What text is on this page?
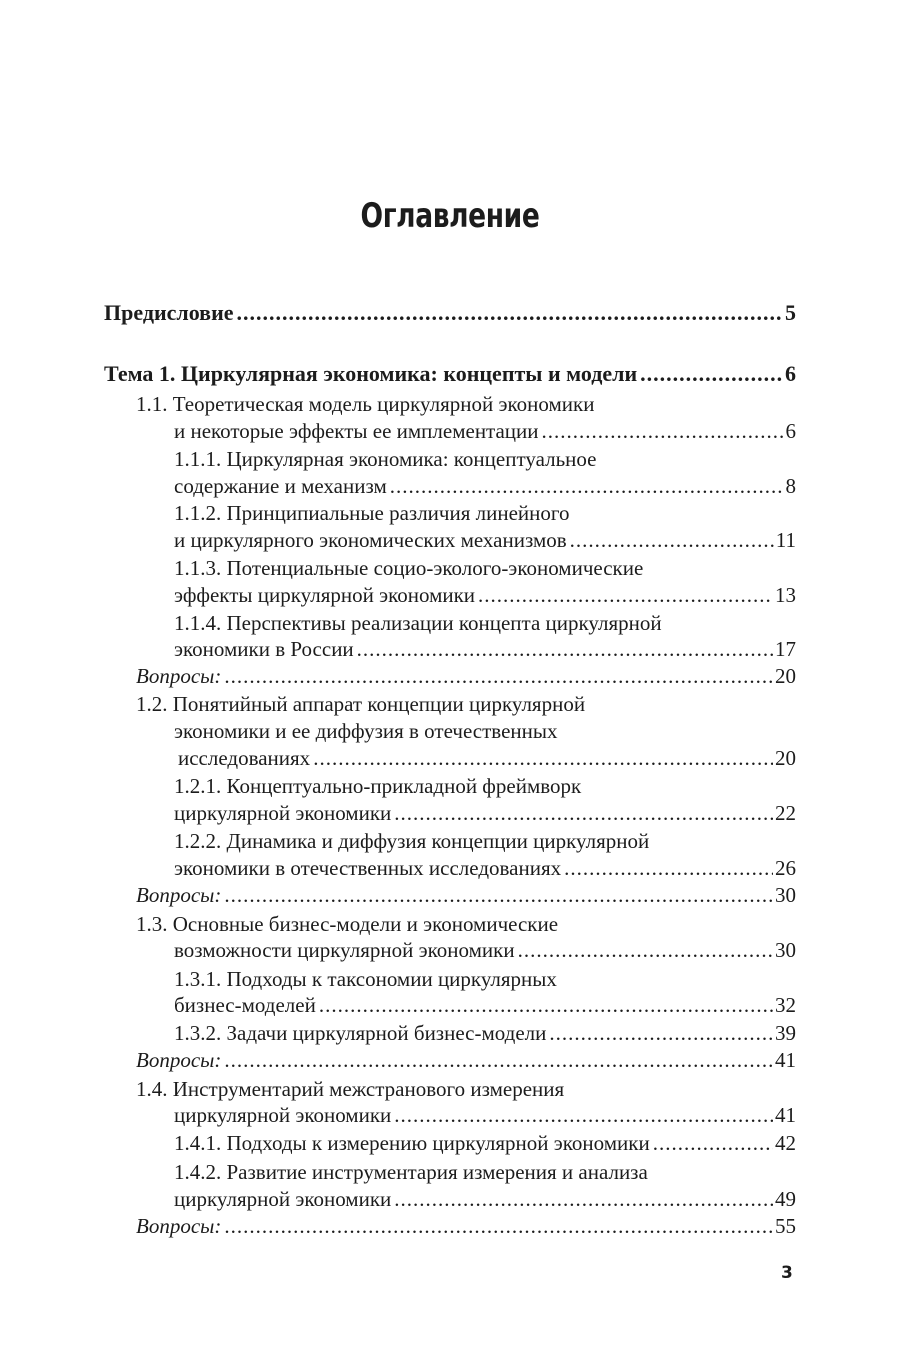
Оглавление
Предисловие .....	5
Тема 1. Циркулярная экономика: концепты и модели .....	6
1.1. Теоретическая модель циркулярной экономики
и некоторые эффекты ее имплементации .....	6
1.1.1. Циркулярная экономика: концептуальное
содержание и механизм .....	8
1.1.2. Принципиальные различия линейного
и циркулярного экономических механизмов .....	11
1.1.3. Потенциальные социо-эколого-экономические
эффекты циркулярной экономики .....	13
1.1.4. Перспективы реализации концепта циркулярной
экономики в России .....	17
Вопросы: .....	20
1.2. Понятийный аппарат концепции циркулярной
экономики и ее диффузия в отечественных
исследованиях .....	20
1.2.1. Концептуально-прикладной фреймворк
циркулярной экономики .....	22
1.2.2. Динамика и диффузия концепции циркулярной
экономики в отечественных исследованиях .....	26
Вопросы: .....	30
1.3. Основные бизнес-модели и экономические
возможности циркулярной экономики .....	30
1.3.1. Подходы к таксономии циркулярных
бизнес-моделей .....	32
1.3.2. Задачи циркулярной бизнес-модели .....	39
Вопросы: .....	41
1.4. Инструментарий межстранового измерения
циркулярной экономики .....	41
1.4.1. Подходы к измерению циркулярной экономики .....	42
1.4.2. Развитие инструментария измерения и анализа
циркулярной экономики .....	49
Вопросы: .....	55
3
